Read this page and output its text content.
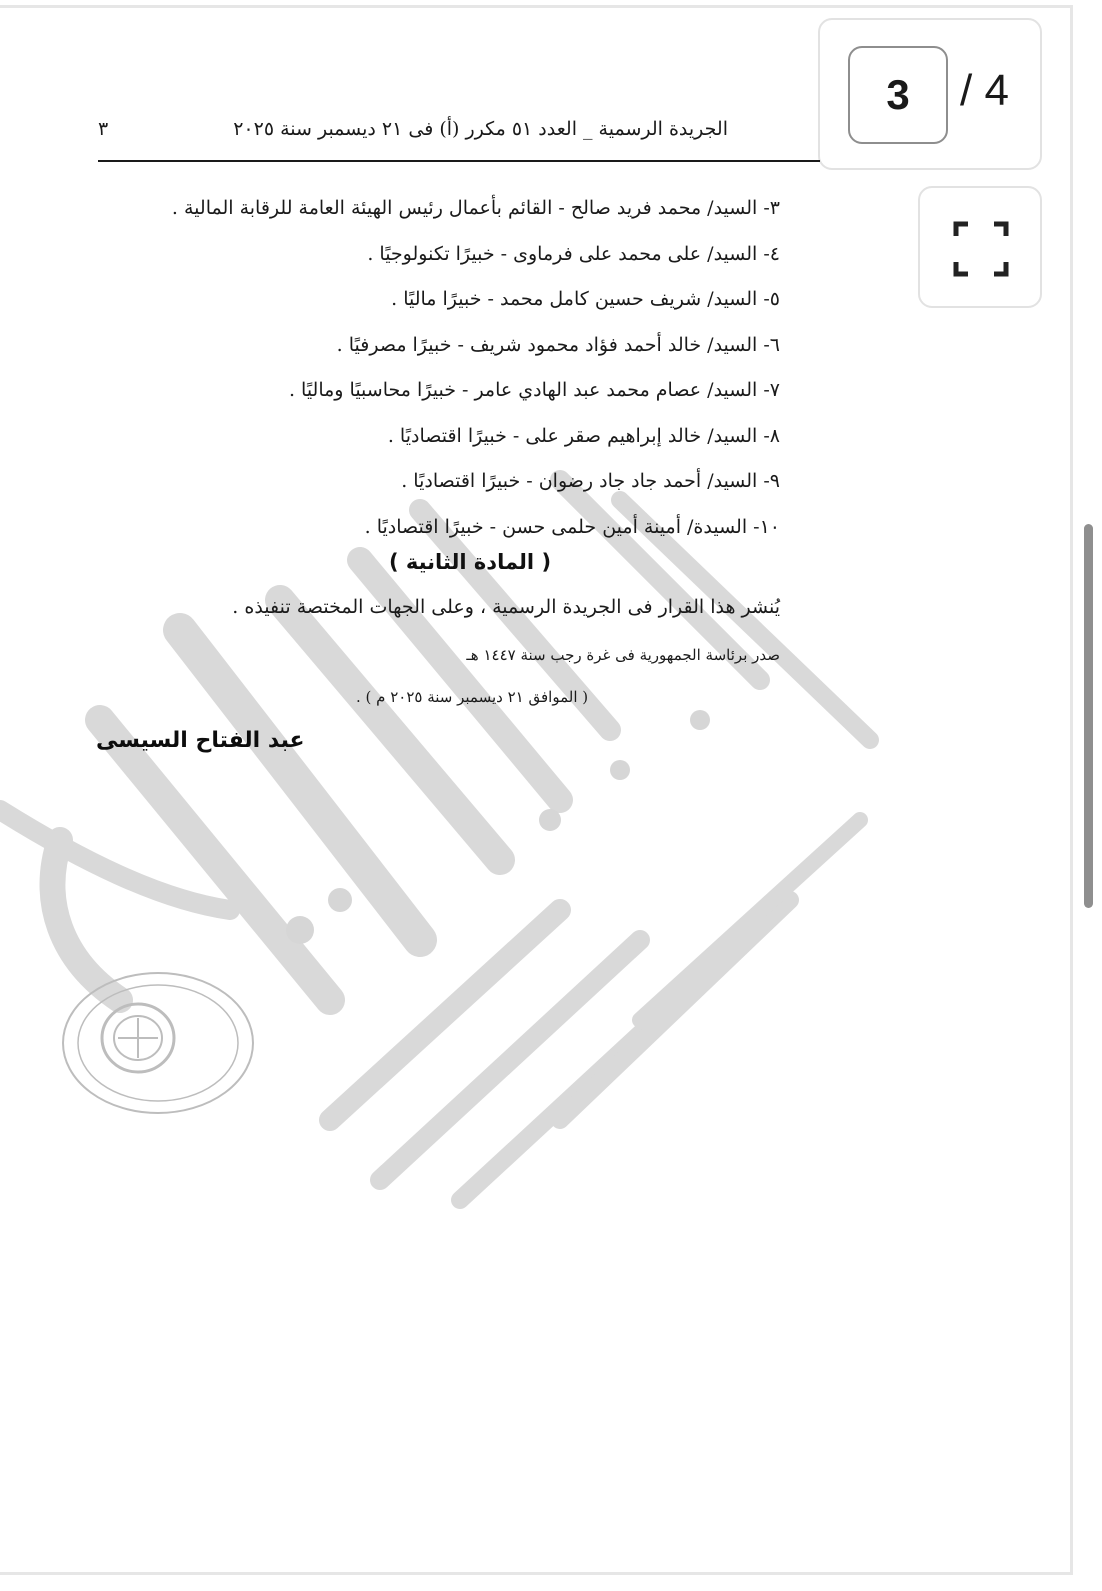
3 / 4
الجريدة الرسمية _ العدد ٥١ مكرر (أ) فى ٢١ ديسمبر سنة ٢٠٢٥
٣
٣- السيد/ محمد فريد صالح - القائم بأعمال رئيس الهيئة العامة للرقابة المالية .
٤- السيد/ على محمد على فرماوى - خبيرًا تكنولوجيًا .
٥- السيد/ شريف حسين كامل محمد - خبيرًا ماليًا .
٦- السيد/ خالد أحمد فؤاد محمود شريف - خبيرًا مصرفيًا .
٧- السيد/ عصام محمد عبد الهادي عامر - خبيرًا محاسبيًا وماليًا .
٨- السيد/ خالد إبراهيم صقر على - خبيرًا اقتصاديًا .
٩- السيد/ أحمد جاد جاد رضوان - خبيرًا اقتصاديًا .
١٠- السيدة/ أمينة أمين حلمى حسن - خبيرًا اقتصاديًا .
( المادة الثانية )
يُنشر هذا القرار فى الجريدة الرسمية ، وعلى الجهات المختصة تنفيذه .
صدر برئاسة الجمهورية فى غرة رجب سنة ١٤٤٧ هـ
( الموافق ٢١ ديسمبر سنة ٢٠٢٥ م ) .
عبد الفتاح السيسى
